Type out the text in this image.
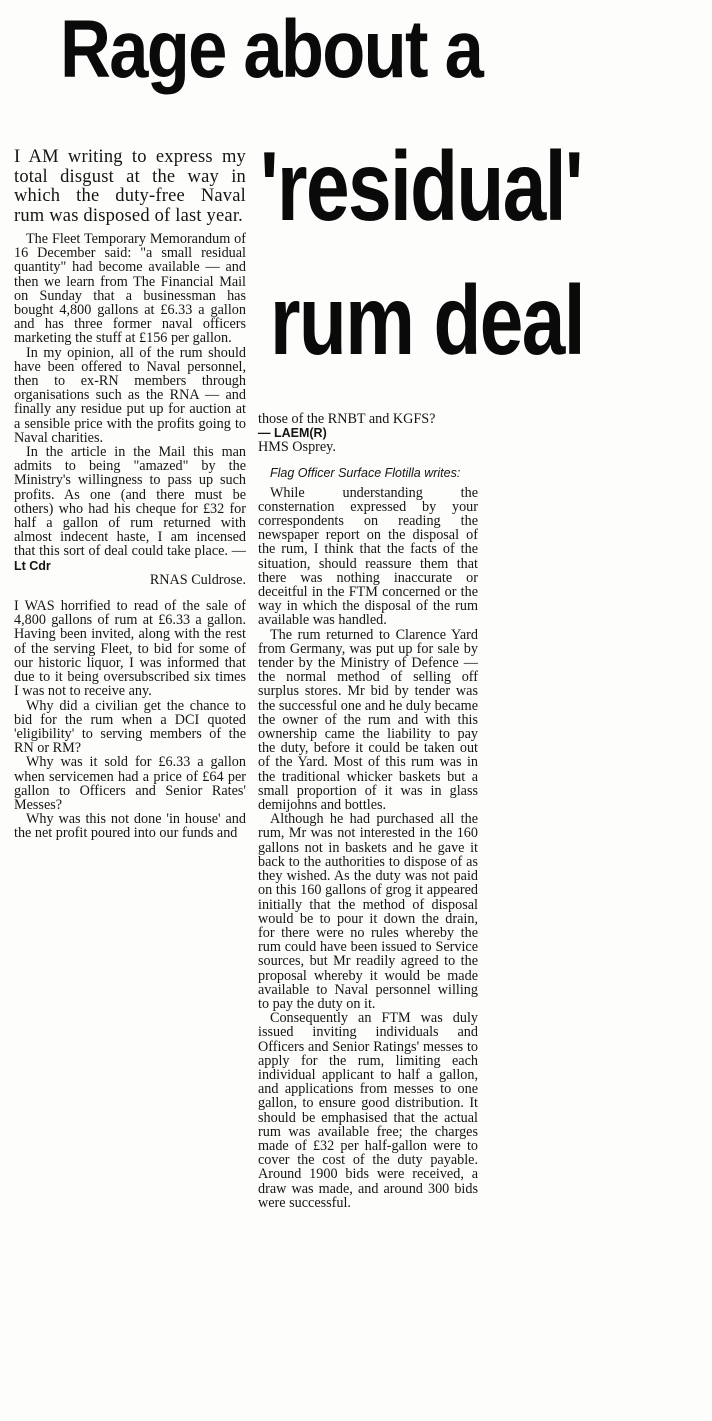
Rage about a
'residual'
rum deal

I AM writing to express my total disgust at the way in which the duty-free Naval rum was disposed of last year.

The Fleet Temporary Memorandum of 16 December said: "a small residual quantity" had become available — and then we learn from The Financial Mail on Sunday that a businessman has bought 4,800 gallons at £6.33 a gallon and has three former naval officers marketing the stuff at £156 per gallon.

In my opinion, all of the rum should have been offered to Naval personnel, then to ex-RN members through organisations such as the RNA — and finally any residue put up for auction at a sensible price with the profits going to Naval charities.

In the article in the Mail this man admits to being "amazed" by the Ministry's willingness to pass up such profits. As one (and there must be others) who had his cheque for £32 for half a gallon of rum returned with almost indecent haste, I am incensed that this sort of deal could take place. — Lt Cdr

RNAS Culdrose.

I WAS horrified to read of the sale of 4,800 gallons of rum at £6.33 a gallon. Having been invited, along with the rest of the serving Fleet, to bid for some of our historic liquor, I was informed that due to it being oversubscribed six times I was not to receive any.

Why did a civilian get the chance to bid for the rum when a DCI quoted 'eligibility' to serving members of the RN or RM?

Why was it sold for £6.33 a gallon when servicemen had a price of £64 per gallon to Officers and Senior Rates' Messes?

Why was this not done 'in house' and the net profit poured into our funds and

those of the RNBT and KGFS?

— LAEM(R)

HMS Osprey.

Flag Officer Surface Flotilla writes:

While understanding the consternation expressed by your correspondents on reading the newspaper report on the disposal of the rum, I think that the facts of the situation, should reassure them that there was nothing inaccurate or deceitful in the FTM concerned or the way in which the disposal of the rum available was handled.

The rum returned to Clarence Yard from Germany, was put up for sale by tender by the Ministry of Defence — the normal method of selling off surplus stores. Mr bid by tender was the successful one and he duly became the owner of the rum and with this ownership came the liability to pay the duty, before it could be taken out of the Yard. Most of this rum was in the traditional whicker baskets but a small proportion of it was in glass demijohns and bottles.

Although he had purchased all the rum, Mr was not interested in the 160 gallons not in baskets and he gave it back to the authorities to dispose of as they wished. As the duty was not paid on this 160 gallons of grog it appeared initially that the method of disposal would be to pour it down the drain, for there were no rules whereby the rum could have been issued to Service sources, but Mr readily agreed to the proposal whereby it would be made available to Naval personnel willing to pay the duty on it.

Consequently an FTM was duly issued inviting individuals and Officers and Senior Ratings' messes to apply for the rum, limiting each individual applicant to half a gallon, and applications from messes to one gallon, to ensure good distribution. It should be emphasised that the actual rum was available free; the charges made of £32 per half-gallon were to cover the cost of the duty payable. Around 1900 bids were received, a draw was made, and around 300 bids were successful.
